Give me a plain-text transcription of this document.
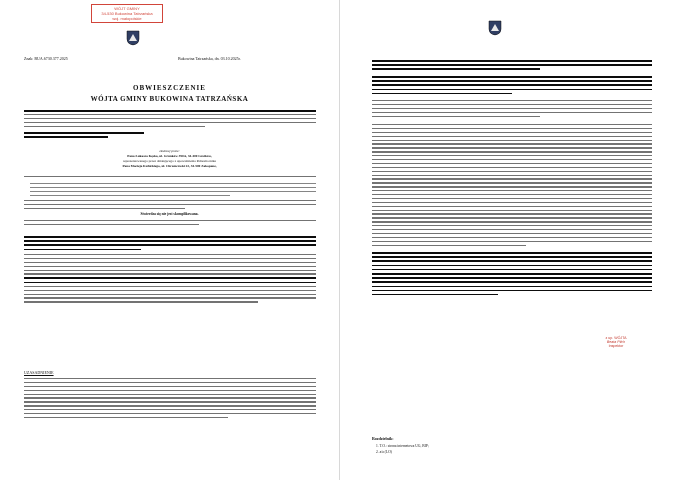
WÓJT GMINY
34-530 Bukowina Tatrzańska
woj. małopolskie
Znak: BUA.6730.377.2025	Bukowina Tatrzańska, dn. 03.10.2025r.
OBWIESZCZENIE
WÓJTA GMINY BUKOWINA TATRZAŃSKA
złożonej przez:
Pana Łukasza Kęska, ul. Grunków 390A, 34-400 Groików,
reprezentowanego przez działającego z upoważnienia Pełnomocnika
Pana Macieja Kubickiego, ul. Chramcówki 22, 34-500 Zakopane,
Stwierdza się nie jest skomplikowana.
UZASADNIENIE
z up. WÓJTA
Beata Pilch
Inspektor
Rozdzielnik:
1. T.O.: strona internetowa UG, BIP;
2. a/a (LO)
